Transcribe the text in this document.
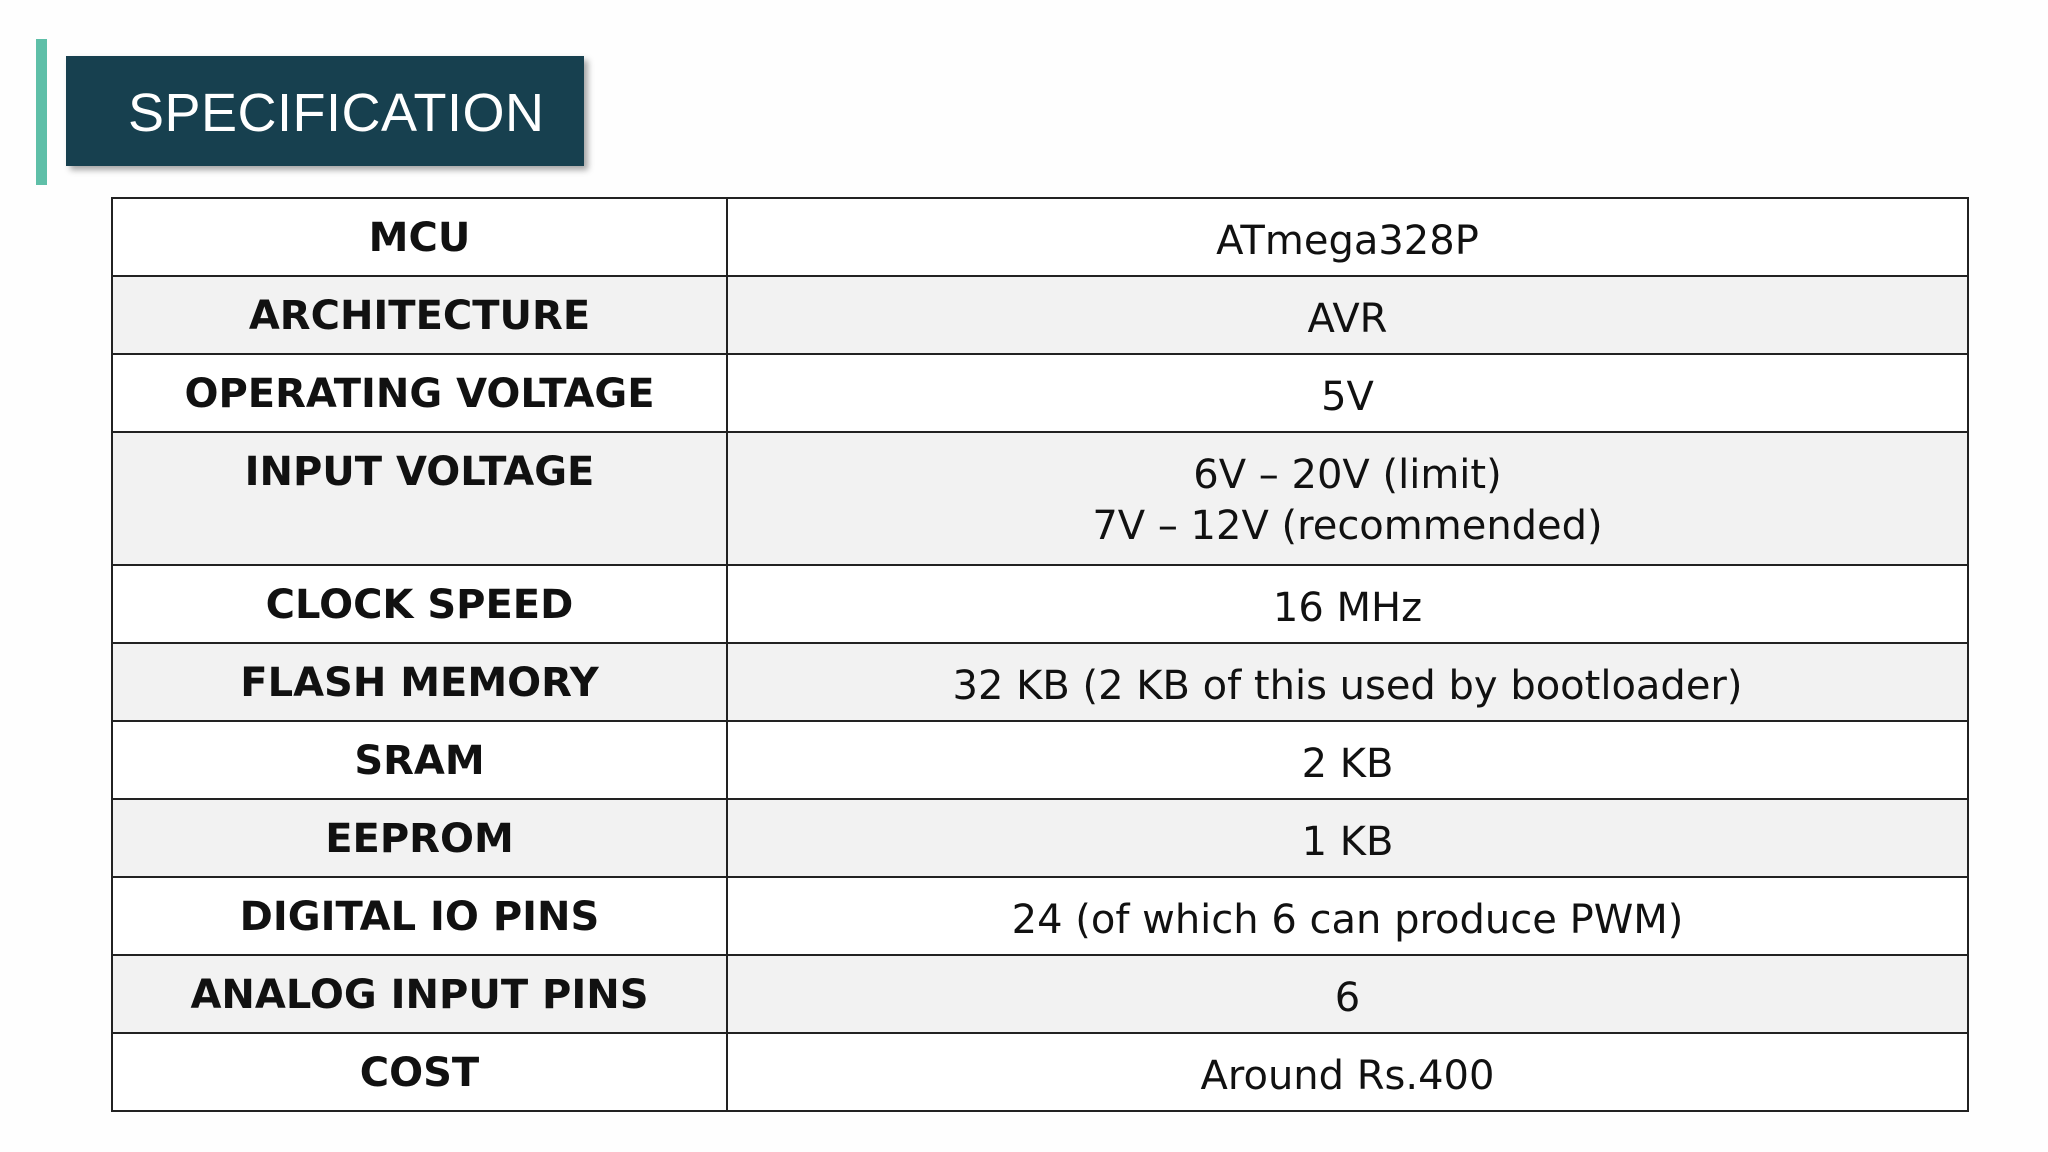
SPECIFICATION
MCU	ATmega328P

ARCHITECTURE	AVR

OPERATING VOLTAGE	5V

INPUT VOLTAGE	6V – 20V (limit)
7V – 12V (recommended)

CLOCK SPEED	16 MHz

FLASH MEMORY	32 KB (2 KB of this used by bootloader)

SRAM	2 KB

EEPROM	1 KB

DIGITAL IO PINS	24 (of which 6 can produce PWM)

ANALOG INPUT PINS	6

COST	Around Rs.400
